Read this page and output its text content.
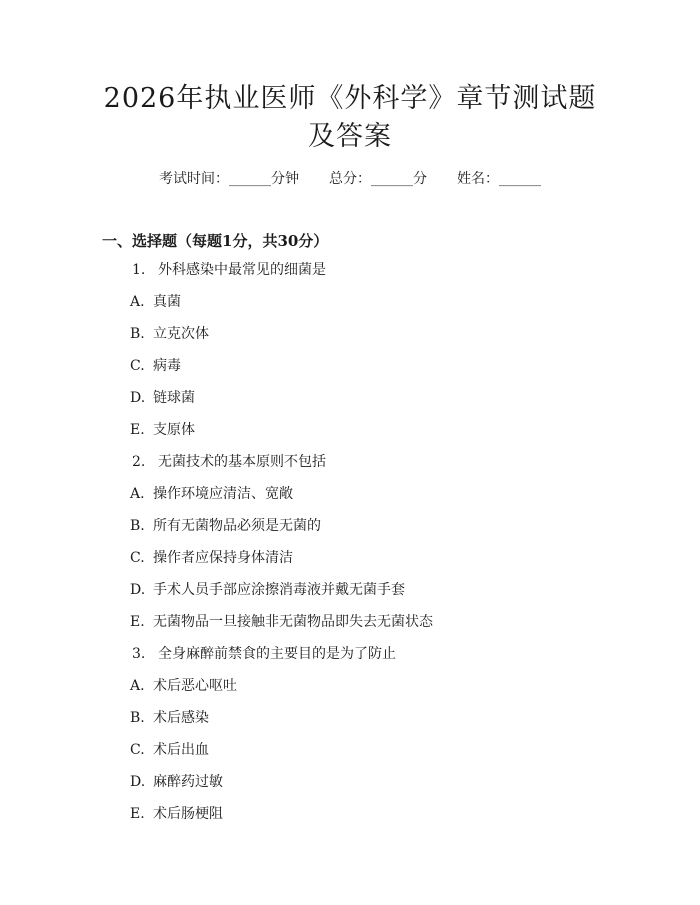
2026年执业医师《外科学》章节测试题及答案
考试时间：______分钟 总分：______分 姓名：______
一、选择题（每题1分，共30分）
1. 外科感染中最常见的细菌是
A. 真菌
B. 立克次体
C. 病毒
D. 链球菌
E. 支原体
2. 无菌技术的基本原则不包括
A. 操作环境应清洁、宽敞
B. 所有无菌物品必须是无菌的
C. 操作者应保持身体清洁
D. 手术人员手部应涂擦消毒液并戴无菌手套
E. 无菌物品一旦接触非无菌物品即失去无菌状态
3. 全身麻醉前禁食的主要目的是为了防止
A. 术后恶心呕吐
B. 术后感染
C. 术后出血
D. 麻醉药过敏
E. 术后肠梗阻
